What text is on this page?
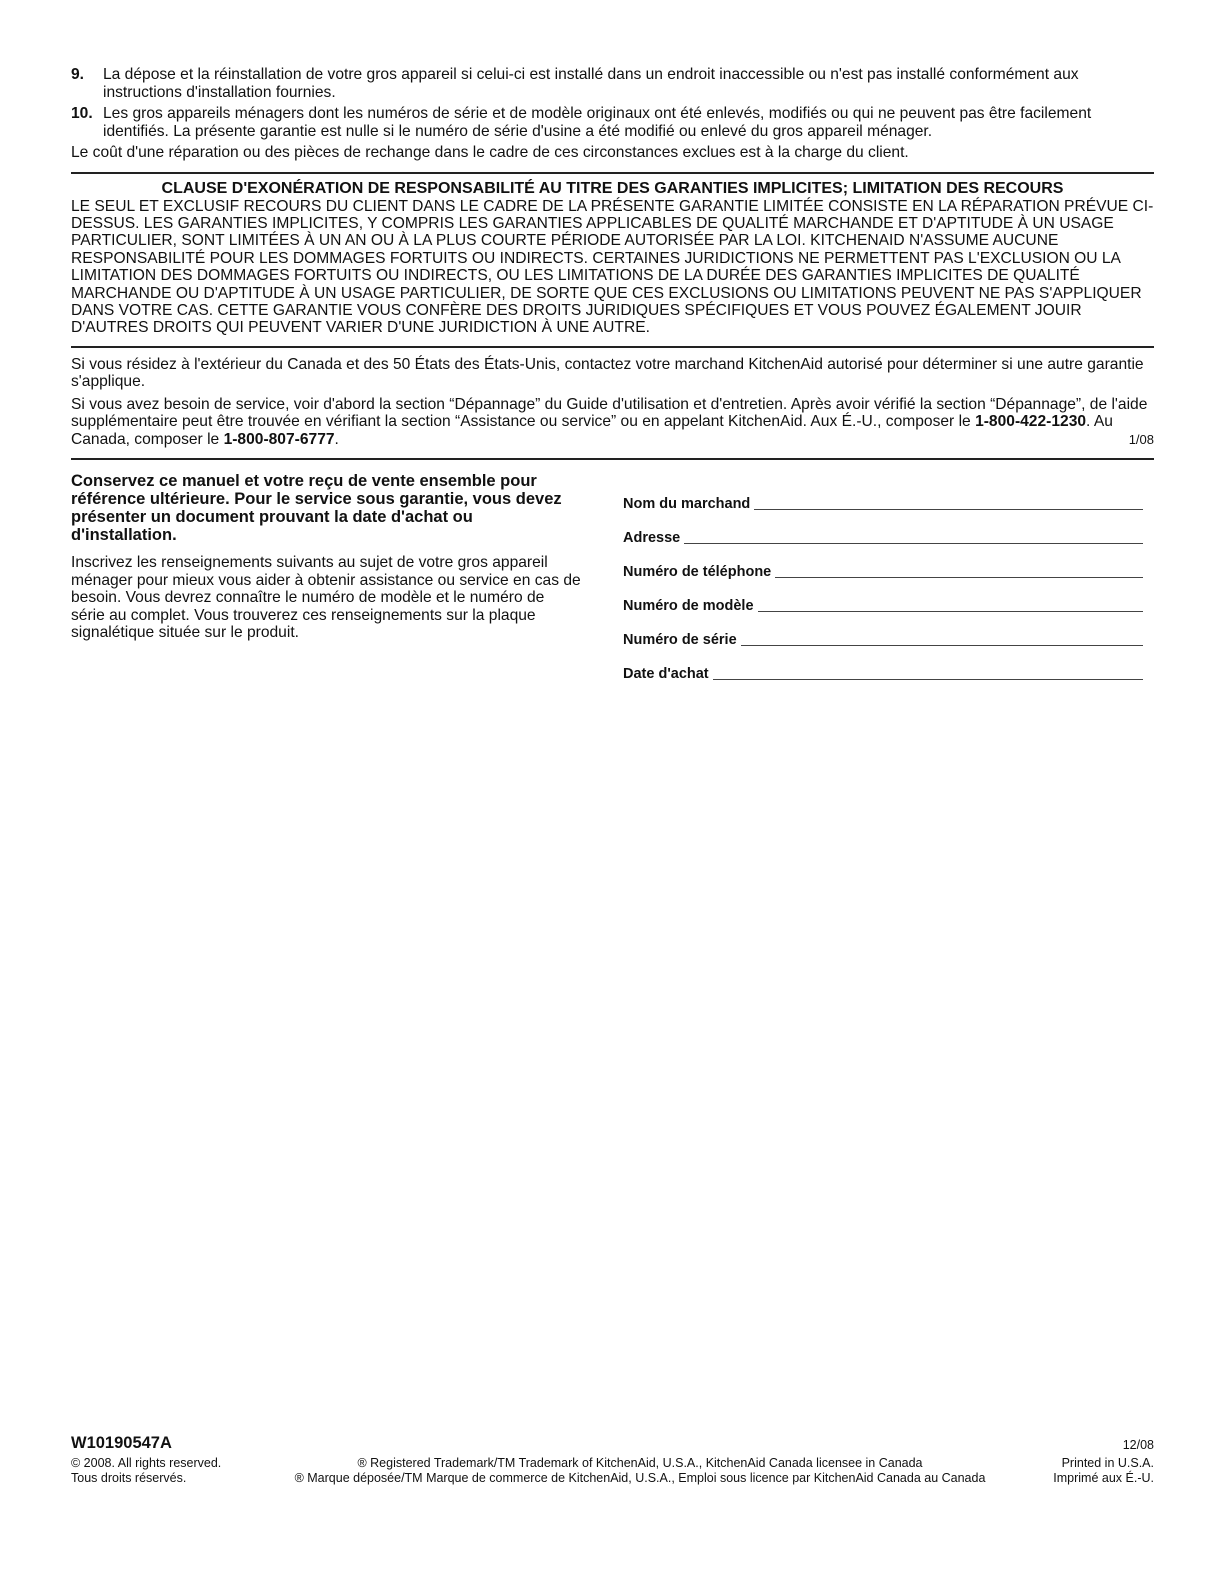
9. La dépose et la réinstallation de votre gros appareil si celui-ci est installé dans un endroit inaccessible ou n'est pas installé conformément aux instructions d'installation fournies.
10. Les gros appareils ménagers dont les numéros de série et de modèle originaux ont été enlevés, modifiés ou qui ne peuvent pas être facilement identifiés. La présente garantie est nulle si le numéro de série d'usine a été modifié ou enlevé du gros appareil ménager.
Le coût d'une réparation ou des pièces de rechange dans le cadre de ces circonstances exclues est à la charge du client.
CLAUSE D'EXONÉRATION DE RESPONSABILITÉ AU TITRE DES GARANTIES IMPLICITES; LIMITATION DES RECOURS
LE SEUL ET EXCLUSIF RECOURS DU CLIENT DANS LE CADRE DE LA PRÉSENTE GARANTIE LIMITÉE CONSISTE EN LA RÉPARATION PRÉVUE CI-DESSUS. LES GARANTIES IMPLICITES, Y COMPRIS LES GARANTIES APPLICABLES DE QUALITÉ MARCHANDE ET D'APTITUDE À UN USAGE PARTICULIER, SONT LIMITÉES À UN AN OU À LA PLUS COURTE PÉRIODE AUTORISÉE PAR LA LOI. KITCHENAID N'ASSUME AUCUNE RESPONSABILITÉ POUR LES DOMMAGES FORTUITS OU INDIRECTS. CERTAINES JURIDICTIONS NE PERMETTENT PAS L'EXCLUSION OU LA LIMITATION DES DOMMAGES FORTUITS OU INDIRECTS, OU LES LIMITATIONS DE LA DURÉE DES GARANTIES IMPLICITES DE QUALITÉ MARCHANDE OU D'APTITUDE À UN USAGE PARTICULIER, DE SORTE QUE CES EXCLUSIONS OU LIMITATIONS PEUVENT NE PAS S'APPLIQUER DANS VOTRE CAS. CETTE GARANTIE VOUS CONFÈRE DES DROITS JURIDIQUES SPÉCIFIQUES ET VOUS POUVEZ ÉGALEMENT JOUIR D'AUTRES DROITS QUI PEUVENT VARIER D'UNE JURIDICTION À UNE AUTRE.
Si vous résidez à l'extérieur du Canada et des 50 États des États-Unis, contactez votre marchand KitchenAid autorisé pour déterminer si une autre garantie s'applique.
Si vous avez besoin de service, voir d'abord la section “Dépannage” du Guide d'utilisation et d'entretien. Après avoir vérifié la section “Dépannage”, de l'aide supplémentaire peut être trouvée en vérifiant la section “Assistance ou service” ou en appelant KitchenAid. Aux É.-U., composer le 1-800-422-1230. Au Canada, composer le 1-800-807-6777.	1/08
Conservez ce manuel et votre reçu de vente ensemble pour référence ultérieure. Pour le service sous garantie, vous devez présenter un document prouvant la date d'achat ou d'installation.
Inscrivez les renseignements suivants au sujet de votre gros appareil ménager pour mieux vous aider à obtenir assistance ou service en cas de besoin. Vous devrez connaître le numéro de modèle et le numéro de série au complet. Vous trouverez ces renseignements sur la plaque signalétique située sur le produit.
Nom du marchand
Adresse
Numéro de téléphone
Numéro de modèle
Numéro de série
Date d'achat
W10190547A	12/08
© 2008. All rights reserved.	® Registered Trademark/TM Trademark of KitchenAid, U.S.A., KitchenAid Canada licensee in Canada	Printed in U.S.A.
Tous droits réservés.	® Marque déposée/TM Marque de commerce de KitchenAid, U.S.A., Emploi sous licence par KitchenAid Canada au Canada	Imprimé aux É.-U.
